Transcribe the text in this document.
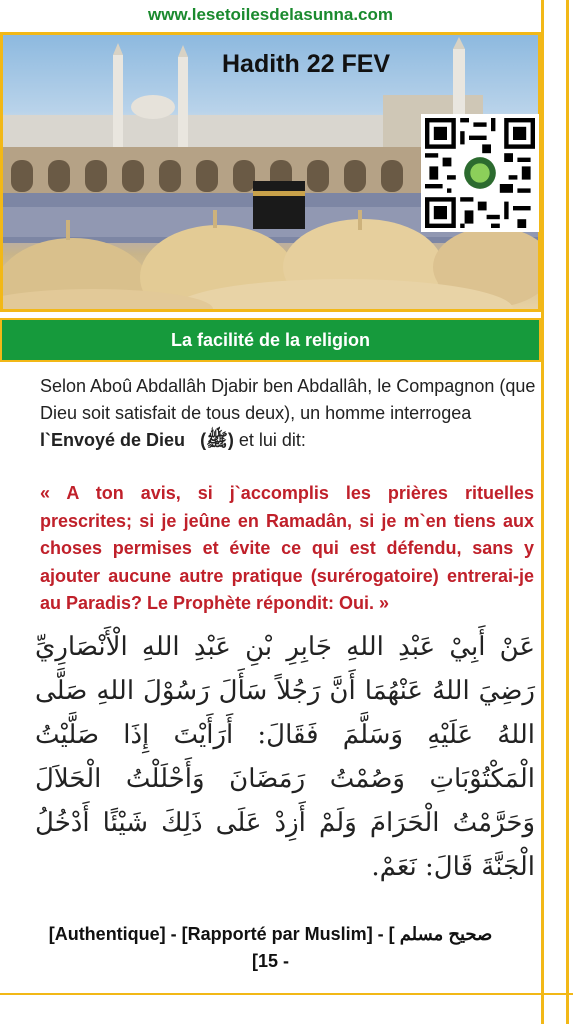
www.lesetoilesdelasunna.com
Hadith 22 FEV
La facilité de la religion
Selon Aboû Abdallâh Djabir ben Abdallâh, le Compagnon (que Dieu soit satisfait de tous deux), un homme interrogea l`Envoyé de Dieu (ﷺ) et lui dit:
« A ton avis, si j`accomplis les prières rituelles prescrites; si je jeûne en Ramadân, si je m`en tiens aux choses permises et évite ce qui est défendu, sans y ajouter aucune autre pratique (surérogatoire) entrerai-je au Paradis? Le Prophète répondit: Oui. »
عَنْ أَبِيْ عَبْدِ اللهِ جَابِرِ بْنِ عَبْدِ اللهِ الْأَنْصَارِيِّ رَضِيَ اللهُ عَنْهُمَا أَنَّ رَجُلاً سَأَلَ رَسُوْلَ اللهِ صَلَّى اللهُ عَلَيْهِ وَسَلَّمَ فَقَالَ: أَرَأَيْتَ إِذَا صَلَّيْتُ الْمَكْتُوْبَاتِ وَصُمْتُ رَمَضَانَ وَأَحْلَلْتُ الْحَلاَلَ وَحَرَّمْتُ الْحَرَامَ وَلَمْ أَزِدْ عَلَى ذَلِكَ شَيْئًا أَدْخُلُ الْجَنَّةَ قَالَ: نَعَمْ.
[Authentique] - [Rapporté par Muslim] - [ صحيح مسلم
[15 -
